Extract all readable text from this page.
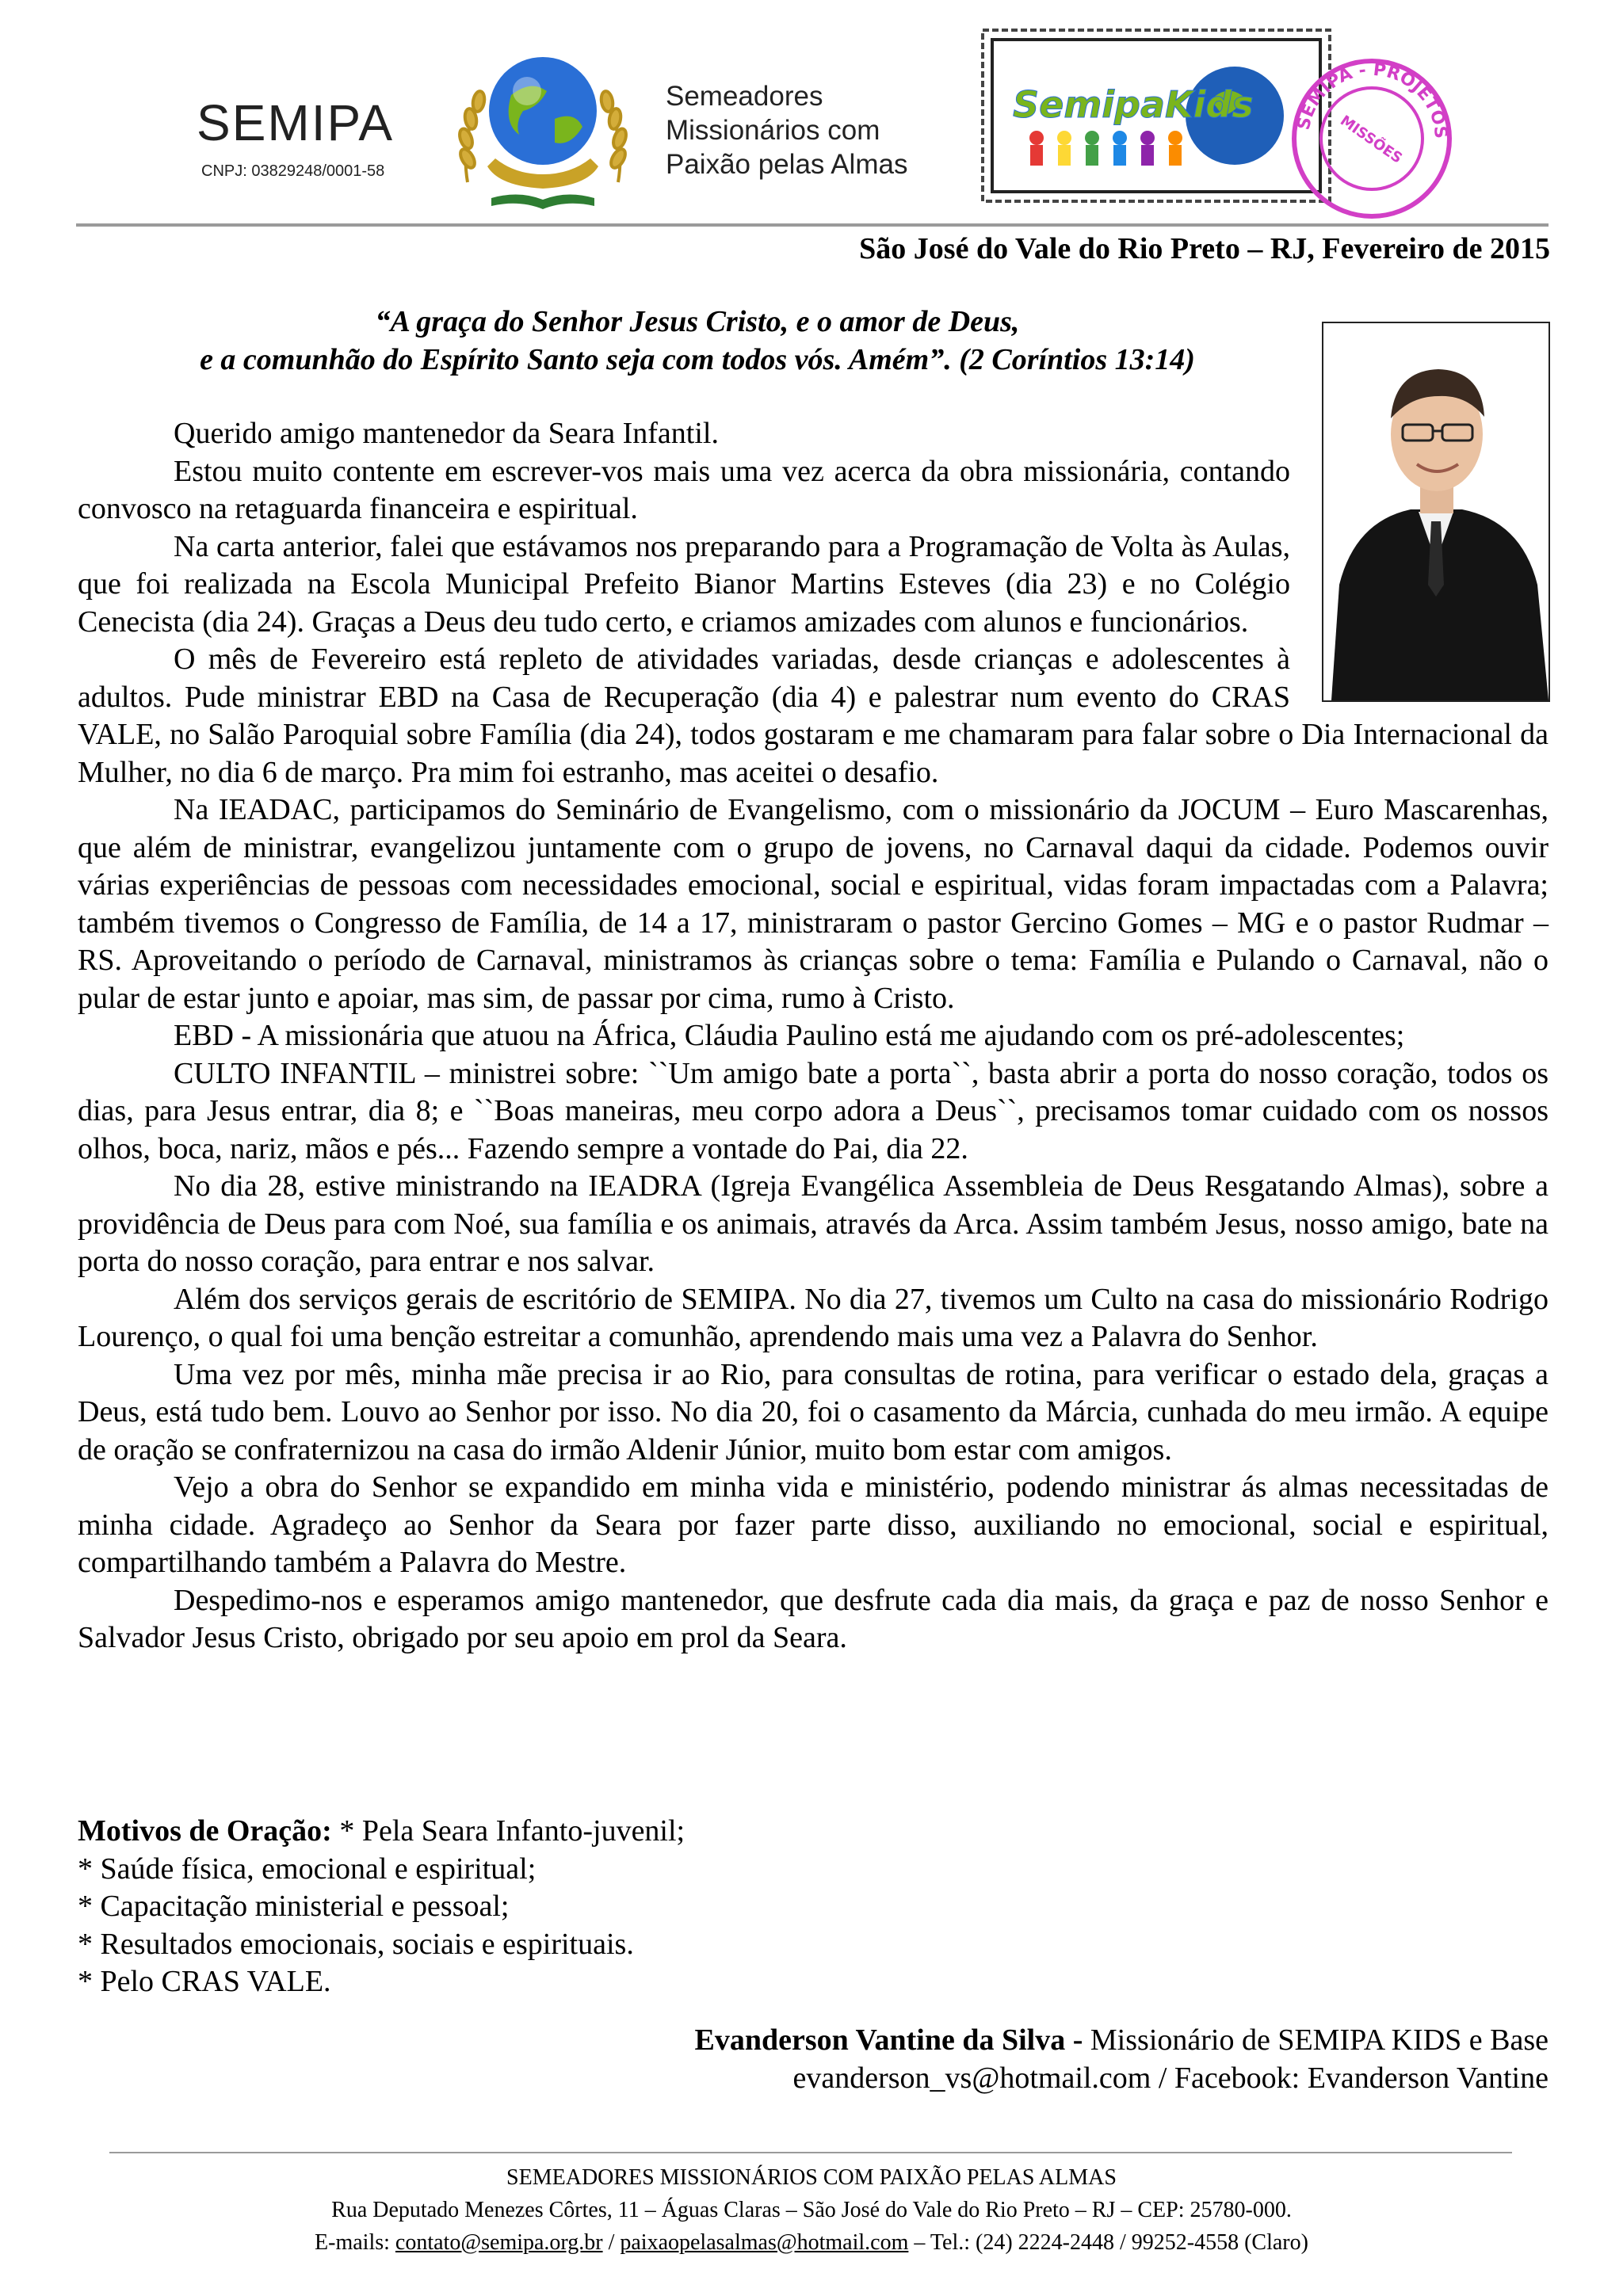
SEMIPA
CNPJ: 03829248/0001-58
Semeadores
Missionários com
Paixão pelas Almas
SemipaKids SEMIPA - PROJETOS
MISSÕES
São José do Vale do Rio Preto – RJ, Fevereiro de 2015
“A graça do Senhor Jesus Cristo, e o amor de Deus,
e a comunhão do Espírito Santo seja com todos vós. Amém”. (2 Coríntios 13:14)

Querido amigo mantenedor da Seara Infantil.

Estou muito contente em escrever-vos mais uma vez acerca da obra missionária, contando convosco na retaguarda financeira e espiritual.

Na carta anterior, falei que estávamos nos preparando para a Programação de Volta às Aulas, que foi realizada na Escola Municipal Prefeito Bianor Martins Esteves (dia 23) e no Colégio Cenecista (dia 24). Graças a Deus deu tudo certo, e criamos amizades com alunos e funcionários.

O mês de Fevereiro está repleto de atividades variadas, desde crianças e adolescentes à adultos. Pude ministrar EBD na Casa de Recuperação (dia 4) e palestrar num evento do CRAS VALE, no Salão Paroquial sobre Família (dia 24), todos gostaram e me chamaram para falar sobre o Dia Internacional da Mulher, no dia 6 de março. Pra mim foi estranho, mas aceitei o desafio.

Na IEADAC, participamos do Seminário de Evangelismo, com o missionário da JOCUM – Euro Mascarenhas, que além de ministrar, evangelizou juntamente com o grupo de jovens, no Carnaval daqui da cidade. Podemos ouvir várias experiências de pessoas com necessidades emocional, social e espiritual, vidas foram impactadas com a Palavra; também tivemos o Congresso de Família, de 14 a 17, ministraram o pastor Gercino Gomes – MG e o pastor Rudmar – RS. Aproveitando o período de Carnaval, ministramos às crianças sobre o tema: Família e Pulando o Carnaval, não o pular de estar junto e apoiar, mas sim, de passar por cima, rumo à Cristo.

EBD - A missionária que atuou na África, Cláudia Paulino está me ajudando com os pré-adolescentes;

CULTO INFANTIL – ministrei sobre: ``Um amigo bate a porta``, basta abrir a porta do nosso coração, todos os dias, para Jesus entrar, dia 8; e ``Boas maneiras, meu corpo adora a Deus``, precisamos tomar cuidado com os nossos olhos, boca, nariz, mãos e pés... Fazendo sempre a vontade do Pai, dia 22.

No dia 28, estive ministrando na IEADRA (Igreja Evangélica Assembleia de Deus Resgatando Almas), sobre a providência de Deus para com Noé, sua família e os animais, através da Arca. Assim também Jesus, nosso amigo, bate na porta do nosso coração, para entrar e nos salvar.

Além dos serviços gerais de escritório de SEMIPA. No dia 27, tivemos um Culto na casa do missionário Rodrigo Lourenço, o qual foi uma benção estreitar a comunhão, aprendendo mais uma vez a Palavra do Senhor.

Uma vez por mês, minha mãe precisa ir ao Rio, para consultas de rotina, para verificar o estado dela, graças a Deus, está tudo bem. Louvo ao Senhor por isso. No dia 20, foi o casamento da Márcia, cunhada do meu irmão. A equipe de oração se confraternizou na casa do irmão Aldenir Júnior, muito bom estar com amigos.

Vejo a obra do Senhor se expandido em minha vida e ministério, podendo ministrar ás almas necessitadas de minha cidade. Agradeço ao Senhor da Seara por fazer parte disso, auxiliando no emocional, social e espiritual, compartilhando também a Palavra do Mestre.

Despedimo-nos e esperamos amigo mantenedor, que desfrute cada dia mais, da graça e paz de nosso Senhor e Salvador Jesus Cristo, obrigado por seu apoio em prol da Seara.

Motivos de Oração: * Pela Seara Infanto-juvenil;
* Saúde física, emocional e espiritual;
* Capacitação ministerial e pessoal;
* Resultados emocionais, sociais e espirituais.
* Pelo CRAS VALE.
Evanderson Vantine da Silva - Missionário de SEMIPA KIDS e Base
evanderson_vs@hotmail.com / Facebook: Evanderson Vantine
SEMEADORES MISSIONÁRIOS COM PAIXÃO PELAS ALMAS
Rua Deputado Menezes Côrtes, 11 – Águas Claras – São José do Vale do Rio Preto – RJ – CEP: 25780-000.
E-mails: contato@semipa.org.br / paixaopelasalmas@hotmail.com – Tel.: (24) 2224-2448 / 99252-4558 (Claro)
